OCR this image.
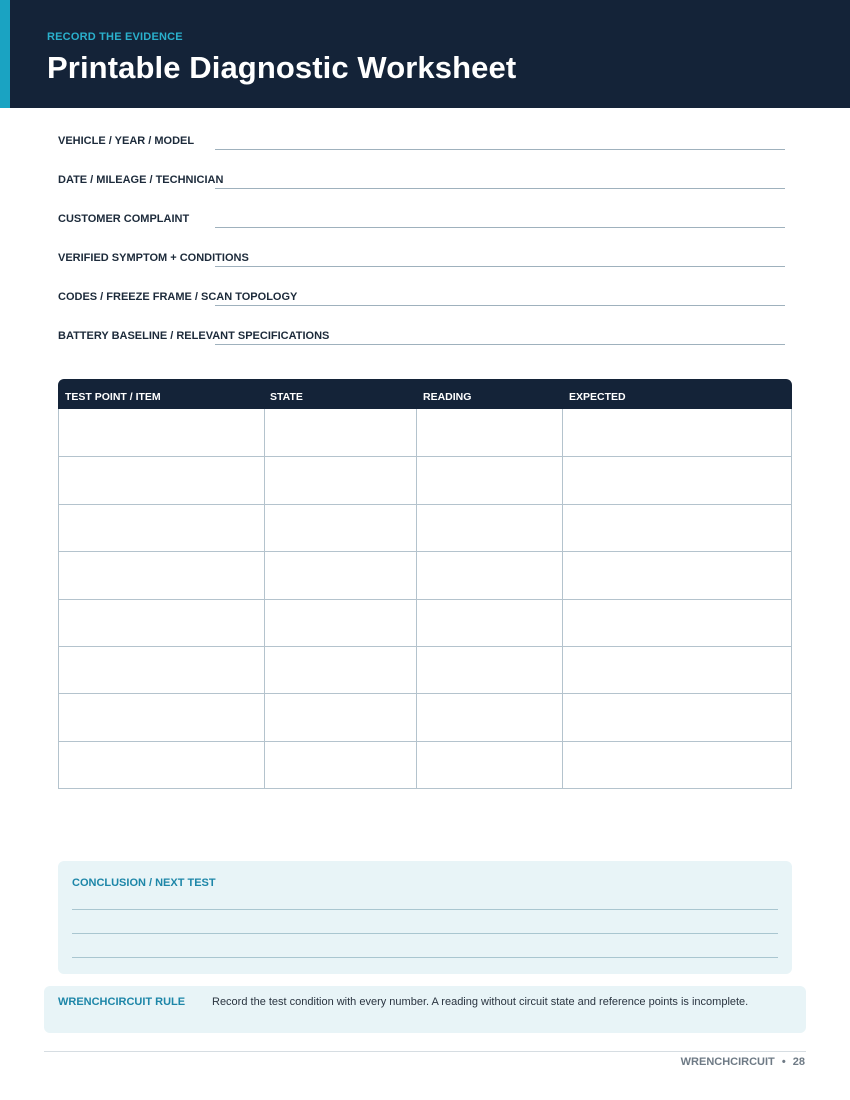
RECORD THE EVIDENCE
Printable Diagnostic Worksheet
VEHICLE / YEAR / MODEL
DATE / MILEAGE / TECHNICIAN
CUSTOMER COMPLAINT
VERIFIED SYMPTOM + CONDITIONS
CODES / FREEZE FRAME / SCAN TOPOLOGY
BATTERY BASELINE / RELEVANT SPECIFICATIONS
TEST POINT / ITEM	STATE	READING	EXPECTED
CONCLUSION / NEXT TEST
WRENCHCIRCUIT RULE Record the test condition with every number. A reading without circuit state and reference points is incomplete.
WRENCHCIRCUIT • 28
